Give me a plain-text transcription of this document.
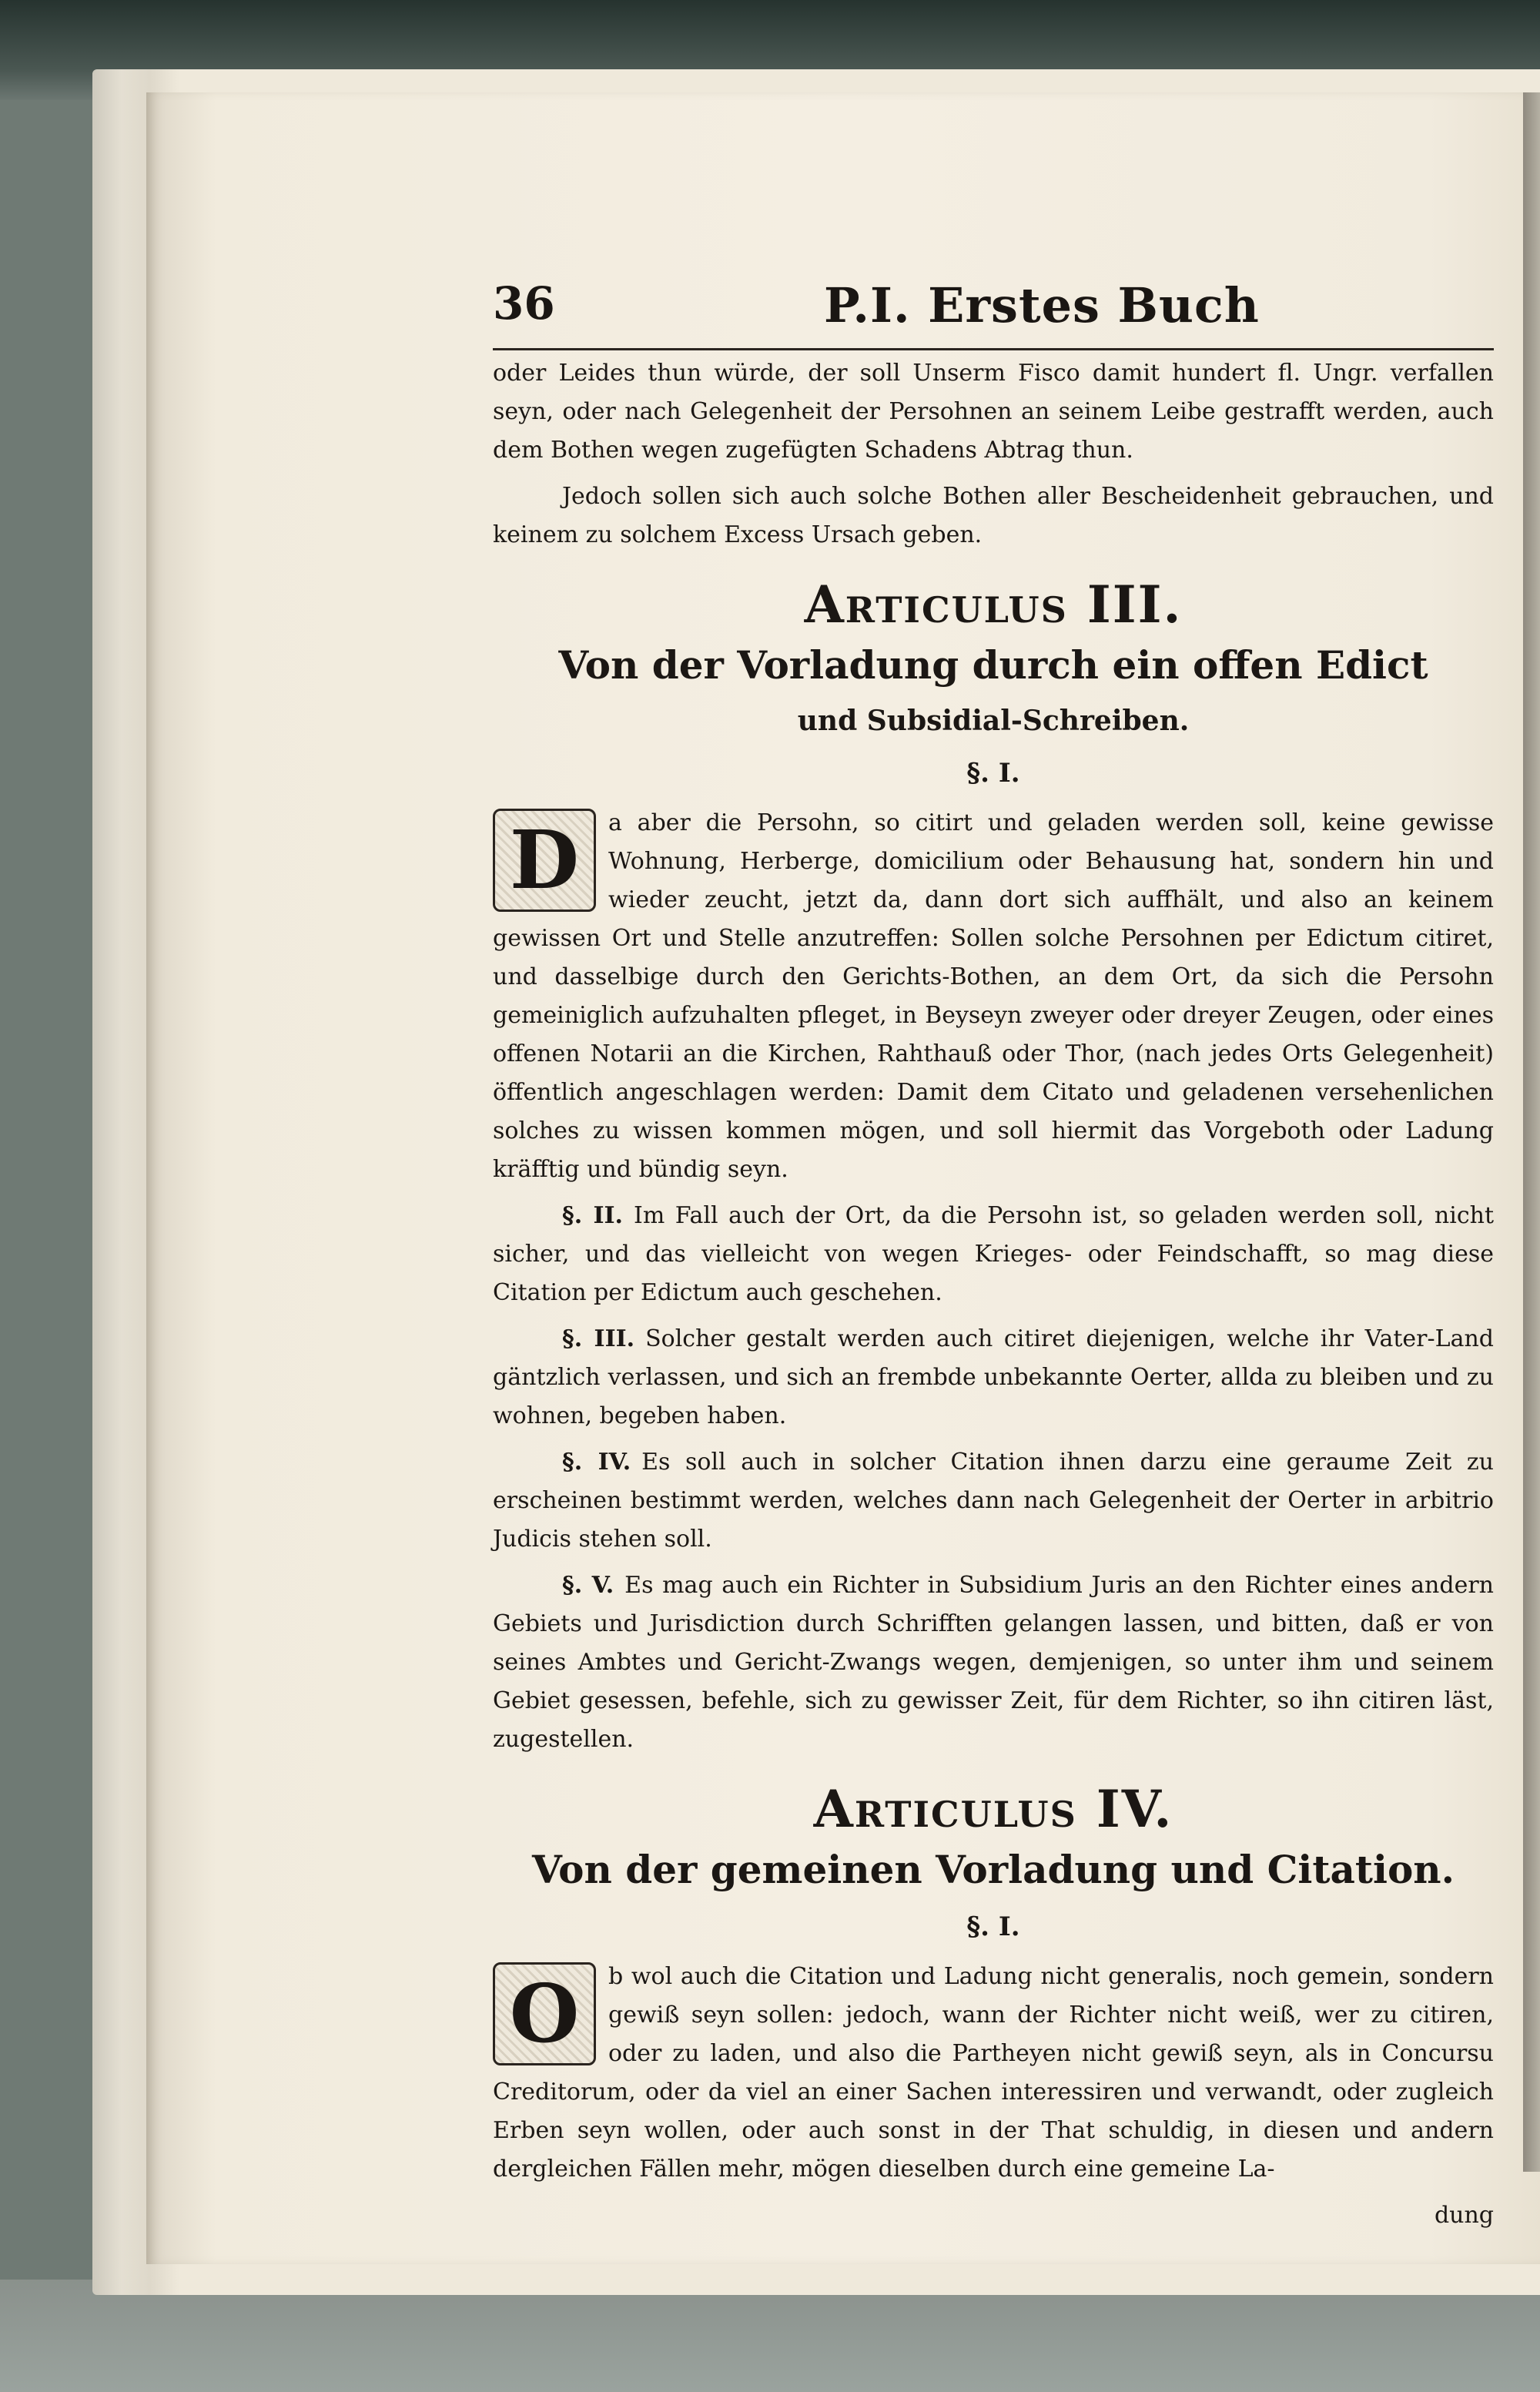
36	P.I. Erstes Buch

oder Leides thun würde, der soll Unserm Fisco damit hundert fl. Ungr. verfallen seyn, oder nach Gelegenheit der Persohnen an seinem Leibe gestrafft werden, auch dem Bothen wegen zugefügten Schadens Abtrag thun.

Jedoch sollen sich auch solche Bothen aller Bescheidenheit gebrauchen, und keinem zu solchem Excess Ursach geben.

Articulus III.

Von der Vorladung durch ein offen Edict

und Subsidial-Schreiben.

§. I.

D	a aber die Persohn, so citirt und geladen werden soll, keine gewisse Wohnung, Herberge, domicilium oder Behausung hat, sondern hin und wieder zeucht, jetzt da, dann dort sich auffhält, und also an keinem gewissen Ort und Stelle anzutreffen: Sollen solche Persohnen per Edictum citiret, und dasselbige durch den Gerichts-Bothen, an dem Ort, da sich die Persohn gemeiniglich aufzuhalten pfleget, in Beyseyn zweyer oder dreyer Zeugen, oder eines offenen Notarii an die Kirchen, Rahthauß oder Thor, (nach jedes Orts Gelegenheit) öffentlich angeschlagen werden: Damit dem Citato und geladenen versehenlichen solches zu wissen kommen mögen, und soll hiermit das Vorgeboth oder Ladung kräfftig und bündig seyn.

§. II. Im Fall auch der Ort, da die Persohn ist, so geladen werden soll, nicht sicher, und das vielleicht von wegen Krieges- oder Feindschafft, so mag diese Citation per Edictum auch geschehen.

§. III. Solcher gestalt werden auch citiret diejenigen, welche ihr Vater-Land gäntzlich verlassen, und sich an frembde unbekannte Oerter, allda zu bleiben und zu wohnen, begeben haben.

§. IV. Es soll auch in solcher Citation ihnen darzu eine geraume Zeit zu erscheinen bestimmt werden, welches dann nach Gelegenheit der Oerter in arbitrio Judicis stehen soll.

§. V. Es mag auch ein Richter in Subsidium Juris an den Richter eines andern Gebiets und Jurisdiction durch Schrifften gelangen lassen, und bitten, daß er von seines Ambtes und Gericht-Zwangs wegen, demjenigen, so unter ihm und seinem Gebiet gesessen, befehle, sich zu gewisser Zeit, für dem Richter, so ihn citiren läst, zugestellen.

Articulus IV.

Von der gemeinen Vorladung und Citation.

§. I.

O	b wol auch die Citation und Ladung nicht generalis, noch gemein, sondern gewiß seyn sollen: jedoch, wann der Richter nicht weiß, wer zu citiren, oder zu laden, und also die Partheyen nicht gewiß seyn, als in Concursu Creditorum, oder da viel an einer Sachen interessiren und verwandt, oder zugleich Erben seyn wollen, oder auch sonst in der That schuldig, in diesen und andern dergleichen Fällen mehr, mögen dieselben durch eine gemeine La-

dung
